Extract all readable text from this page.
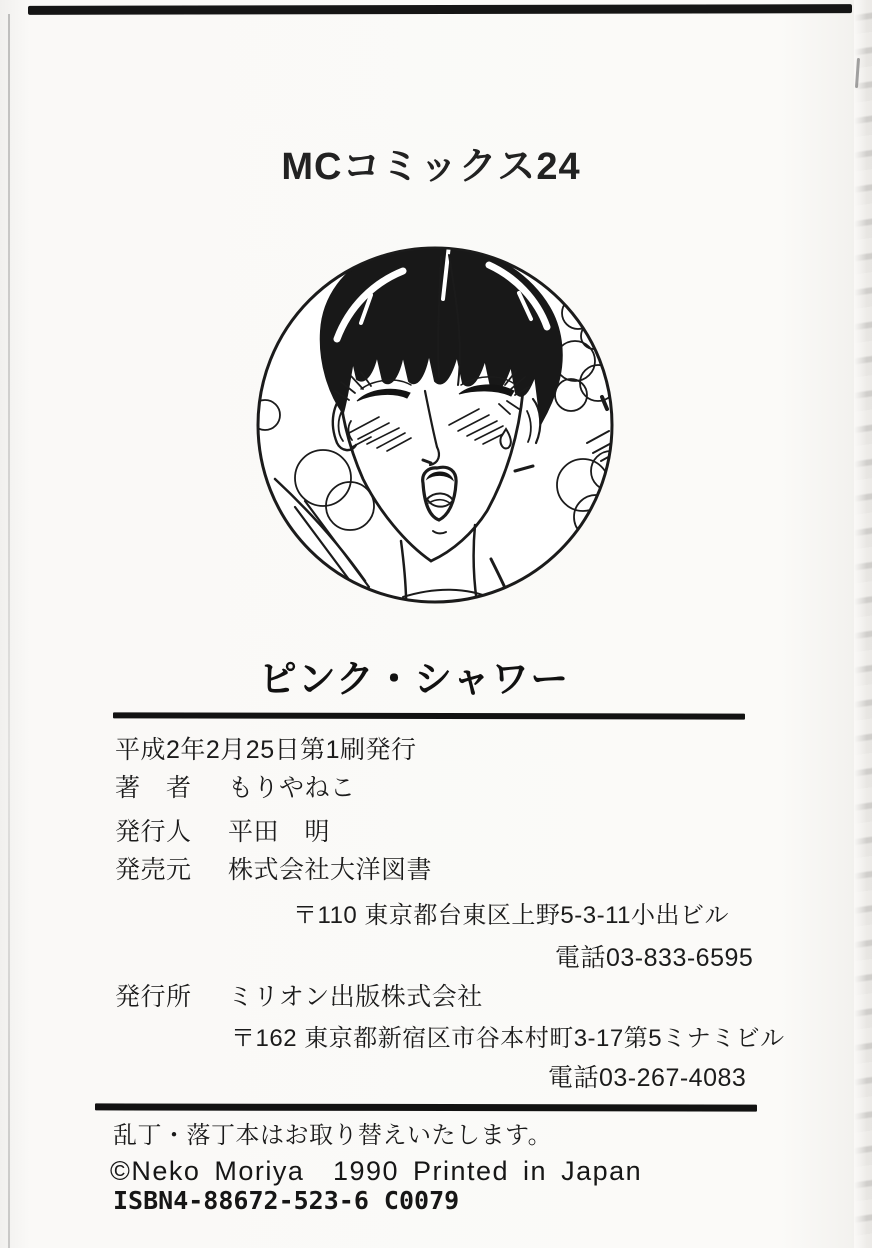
MCコミックス24
ピンク・シャワー
平成2年2月25日第1刷発行
著　者 もりやねこ
発行人 平田　明
発売元 株式会社大洋図書
〒110 東京都台東区上野5-3-11小出ビル
電話03-833-6595
発行所 ミリオン出版株式会社
〒162 東京都新宿区市谷本村町3-17第5ミナミビル
電話03-267-4083
乱丁・落丁本はお取り替えいたします。
©Neko Moriya　1990 Printed in Japan
ISBN4-88672-523-6 C0079
